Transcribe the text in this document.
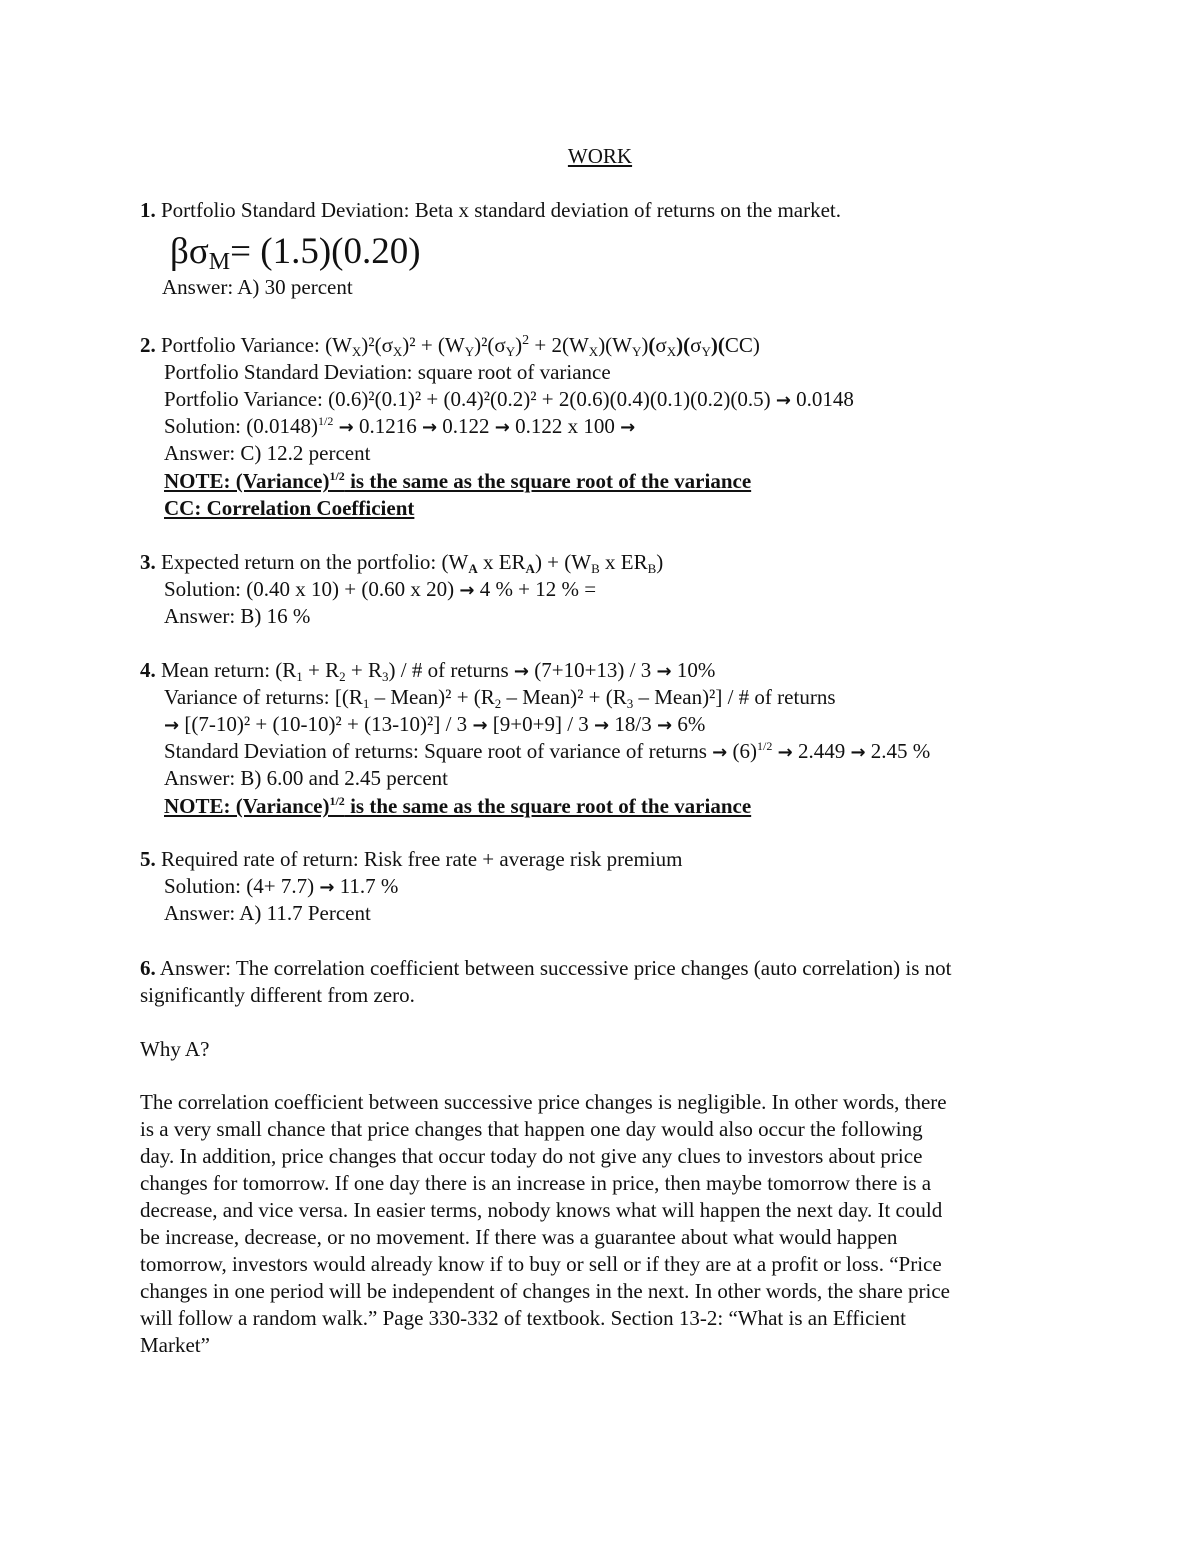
WORK
1. Portfolio Standard Deviation: Beta x standard deviation of returns on the market.
$\beta\sigma_M= (1.5)(0.20)$
Answer: A) 30 percent
2. Portfolio Variance: $(W_X)^2(\sigma_X)^2 + (W_Y)^2(\sigma_Y)^2 + 2(W_X)(W_Y)(\sigma_X)(\sigma_Y)(CC)$
Portfolio Standard Deviation: square root of variance
Portfolio Variance: (0.6)²(0.1)² + (0.4)²(0.2)² + 2(0.6)(0.4)(0.1)(0.2)(0.5) → 0.0148
Solution: $(0.0148)^{1/2} \to 0.1216 \to 0.122 \to 0.122$ x 100 →
Answer: C) 12.2 percent
NOTE: (Variance)$^{1/2}$ is the same as the square root of the variance
CC: Correlation Coefficient
3. Expected return on the portfolio: ($W_A$ x $ER_A) + (W_B$ x $ER_B$)
Solution: (0.40 x 10) + (0.60 x 20) → 4 % + 12 % =
Answer: B) 16 %
4. Mean return: $(R_1 + R_2 + R_3)$ / # of returns → (7+10+13) / 3 → 10%
Variance of returns: [($R_1$ – Mean)² + ($R_2$ – Mean)² + ($R_3$ – Mean)²] / # of returns
→ [(7-10)² + (10-10)² + (13-10)²] / 3 → [9+0+9] / 3 → 18/3 → 6%
Standard Deviation of returns: Square root of variance of returns → $(6)^{1/2} \to 2.449 \to 2.45$ %
Answer: B) 6.00 and 2.45 percent
NOTE: (Variance)$^{1/2}$ is the same as the square root of the variance
5. Required rate of return: Risk free rate + average risk premium
Solution: (4+ 7.7) → 11.7 %
Answer: A) 11.7 Percent
6. Answer: The correlation coefficient between successive price changes (auto correlation) is not
significantly different from zero.
Why A?
The correlation coefficient between successive price changes is negligible. In other words, there
is a very small chance that price changes that happen one day would also occur the following
day. In addition, price changes that occur today do not give any clues to investors about price
changes for tomorrow. If one day there is an increase in price, then maybe tomorrow there is a
decrease, and vice versa. In easier terms, nobody knows what will happen the next day. It could
be increase, decrease, or no movement. If there was a guarantee about what would happen
tomorrow, investors would already know if to buy or sell or if they are at a profit or loss. “Price
changes in one period will be independent of changes in the next. In other words, the share price
will follow a random walk.” Page 330-332 of textbook. Section 13-2: “What is an Efficient
Market”
